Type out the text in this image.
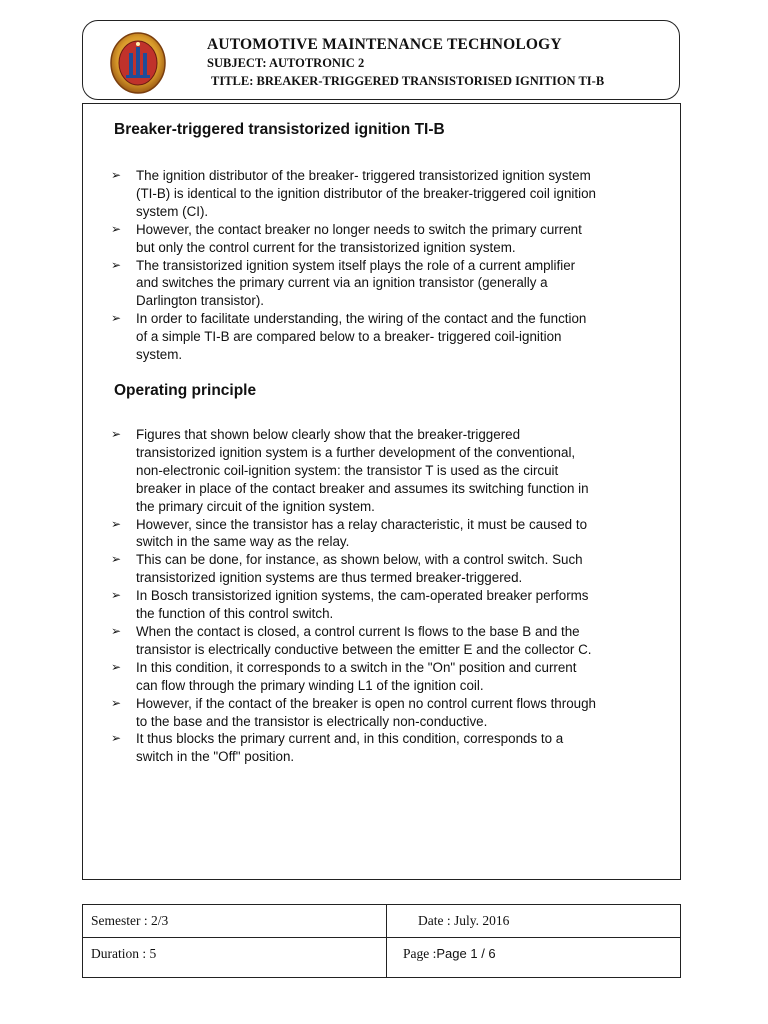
AUTOMOTIVE MAINTENANCE TECHNOLOGY
SUBJECT: AUTOTRONIC 2
TITLE: BREAKER-TRIGGERED TRANSISTORISED IGNITION TI-B
Breaker-triggered transistorized ignition TI-B
➢ The ignition distributor of the breaker- triggered transistorized ignition system
(TI-B) is identical to the ignition distributor of the breaker-triggered coil ignition
system (CI).
➢ However, the contact breaker no longer needs to switch the primary current
but only the control current for the transistorized ignition system.
➢ The transistorized ignition system itself plays the role of a current amplifier
and switches the primary current via an ignition transistor (generally a
Darlington transistor).
➢ In order to facilitate understanding, the wiring of the contact and the function
of a simple TI-B are compared below to a breaker- triggered coil-ignition
system.
Operating principle
➢ Figures that shown below clearly show that the breaker-triggered
transistorized ignition system is a further development of the conventional,
non-electronic coil-ignition system: the transistor T is used as the circuit
breaker in place of the contact breaker and assumes its switching function in
the primary circuit of the ignition system.
➢ However, since the transistor has a relay characteristic, it must be caused to
switch in the same way as the relay.
➢ This can be done, for instance, as shown below, with a control switch. Such
transistorized ignition systems are thus termed breaker-triggered.
➢ In Bosch transistorized ignition systems, the cam-operated breaker performs
the function of this control switch.
➢ When the contact is closed, a control current Is flows to the base B and the
transistor is electrically conductive between the emitter E and the collector C.
➢ In this condition, it corresponds to a switch in the "On" position and current
can flow through the primary winding L1 of the ignition coil.
➢ However, if the contact of the breaker is open no control current flows through
to the base and the transistor is electrically non-conductive.
➢ It thus blocks the primary current and, in this condition, corresponds to a
switch in the "Off" position.
Semester : 2/3	Date : July. 2016
Duration : 5	Page :Page 1 / 6
